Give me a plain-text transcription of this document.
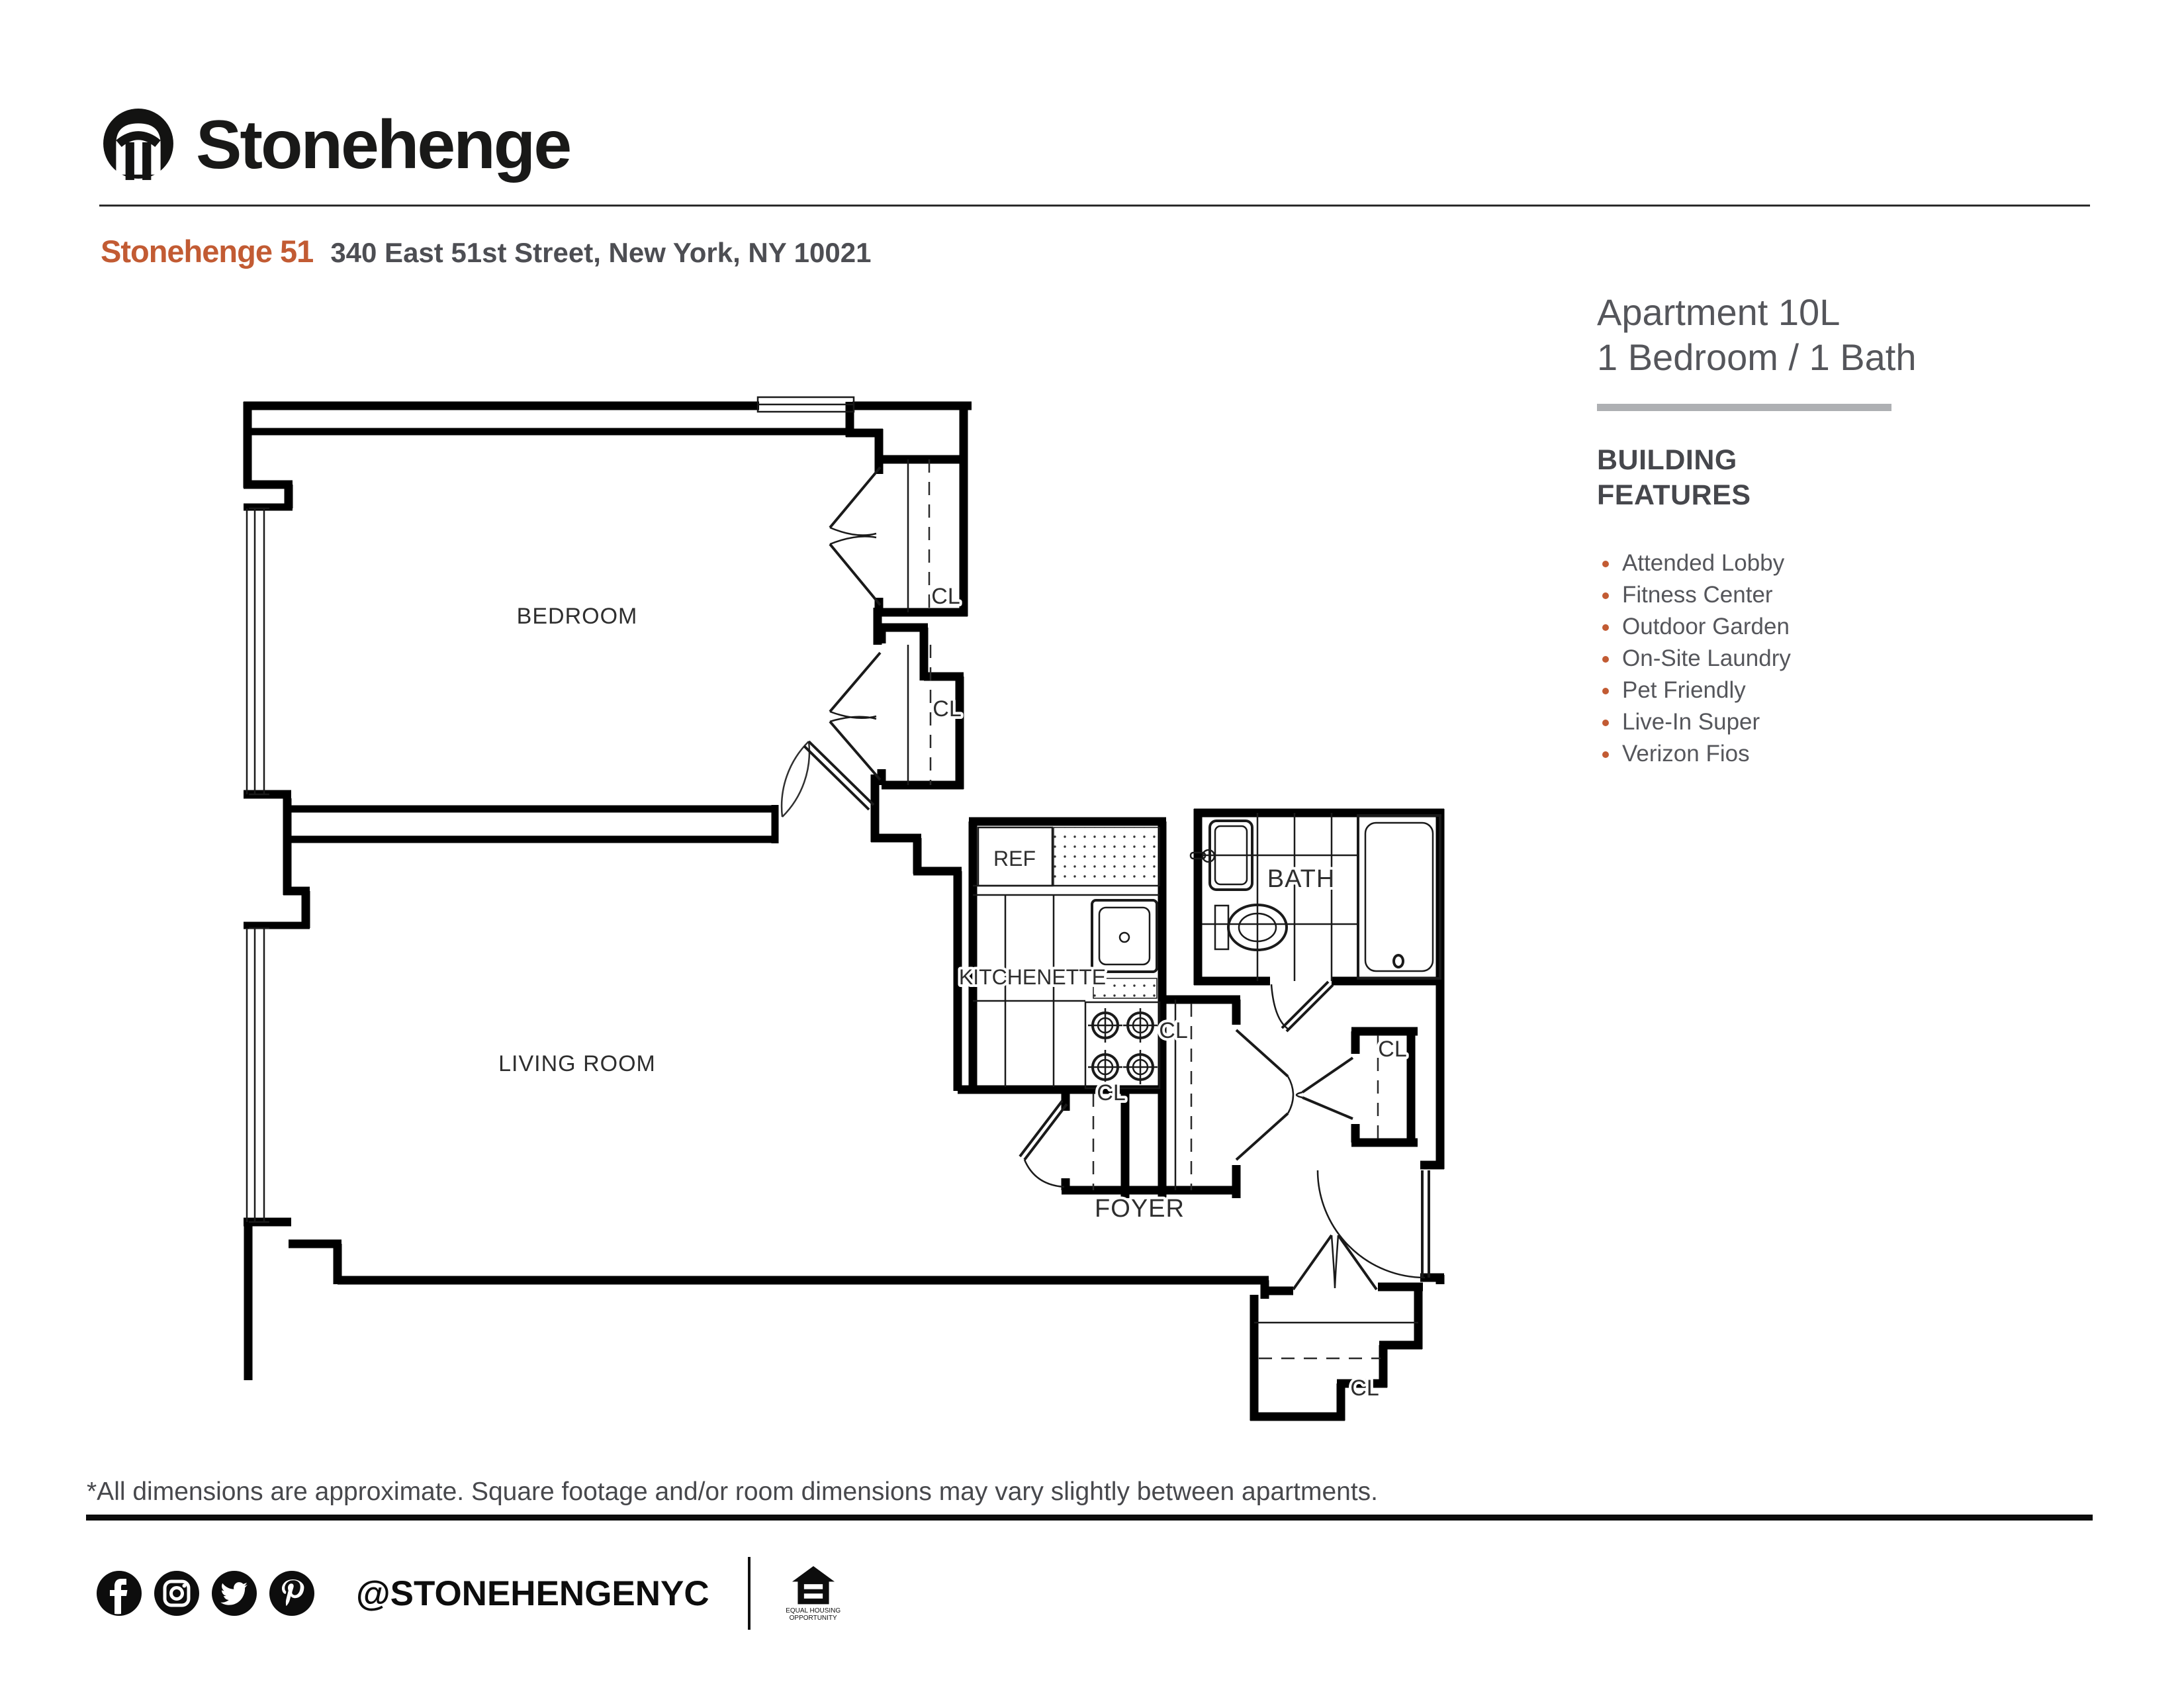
Stonehenge
Stonehenge 51 340 East 51st Street, New York, NY 10021
Apartment 10L
1 Bedroom / 1 Bath
BUILDING
FEATURES
Attended Lobby
Fitness Center
Outdoor Garden
On-Site Laundry
Pet Friendly
Live-In Super
Verizon Fios
BEDROOM
LIVING ROOM
KITCHENETTE
BATH
FOYER
REF
CL
CL
CL
CL
CL
CL
*All dimensions are approximate. Square footage and/or room dimensions may vary slightly between apartments.
@STONEHENGENYC	EQUAL HOUSING
OPPORTUNITY
